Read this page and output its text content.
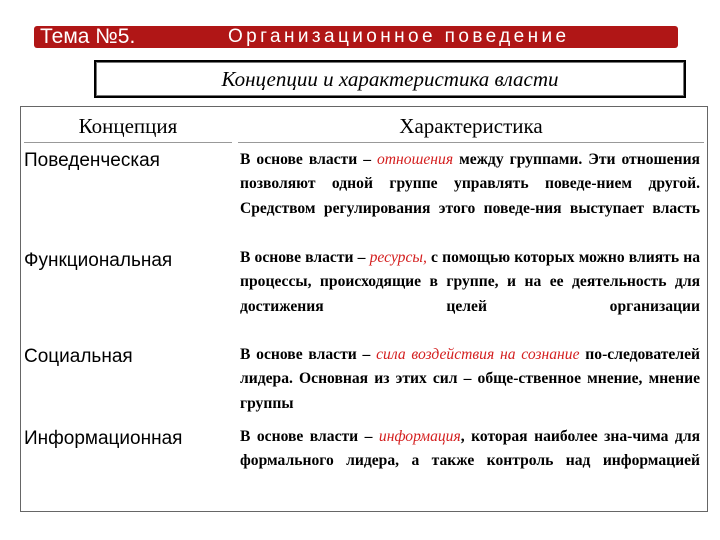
Тема №5.	Организационное поведение
Концепции и характеристика власти
Концепция	Характеристика
Поведенческая	В основе власти – отношения между группами. Эти отношения позволяют одной группе управлять поведе-нием другой. Средством регулирования этого поведе-ния выступает власть
Функциональная	В основе власти – ресурсы, с помощью которых можно влиять на процессы, происходящие в группе, и на ее деятельность для достижения целей организации
Социальная	В основе власти – сила воздействия на сознание по-следователей лидера. Основная из этих сил – обще-ственное мнение, мнение группы
Информационная	В основе власти – информация, которая наиболее зна-чима для формального лидера, а также контроль над информацией
